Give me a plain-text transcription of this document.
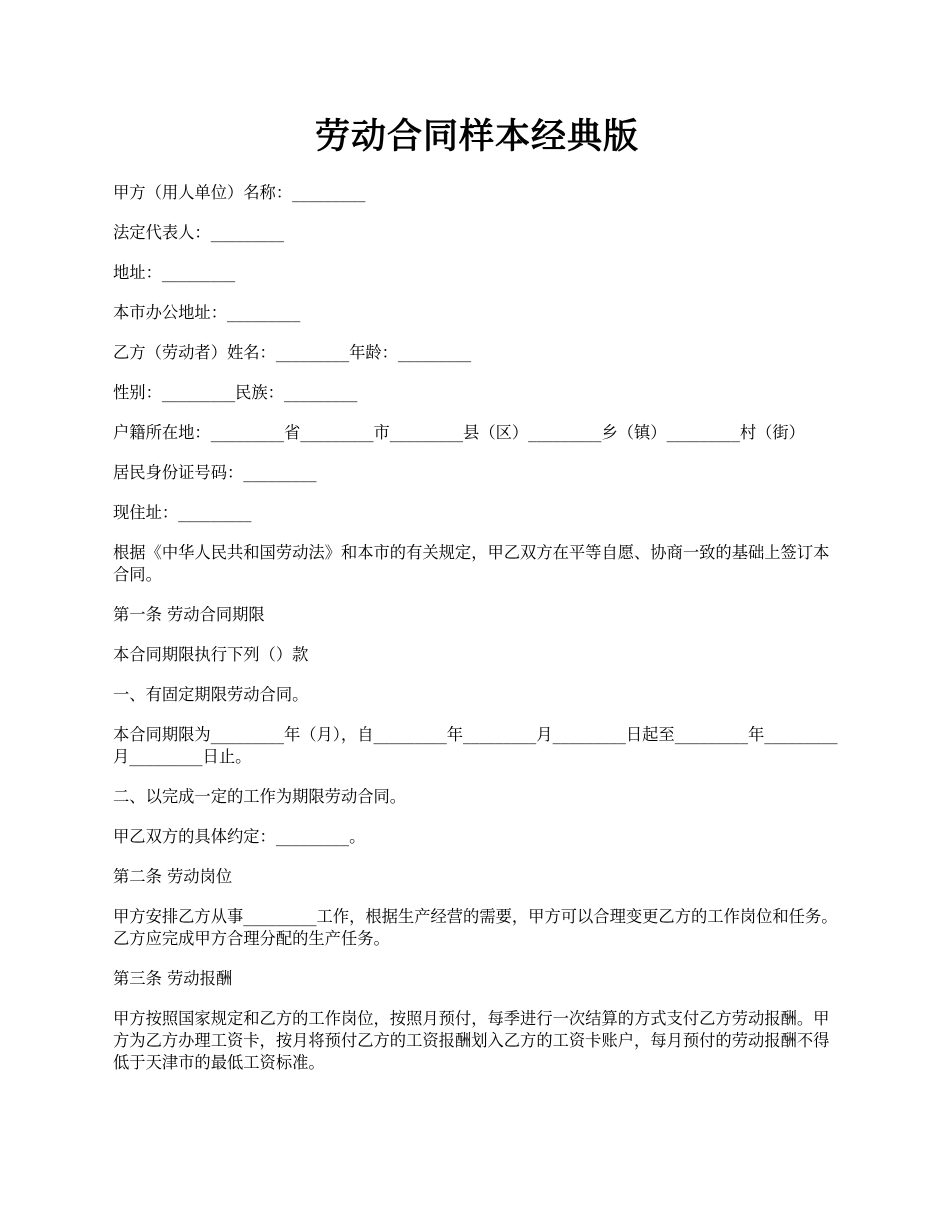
劳动合同样本经典版

甲方（用人单位）名称：_________

法定代表人：_________

地址：_________

本市办公地址：_________

乙方（劳动者）姓名：_________年龄：_________

性别：_________民族：_________

户籍所在地：_________省_________市_________县（区）_________乡（镇）_________村（街）

居民身份证号码：_________

现住址：_________

根据《中华人民共和国劳动法》和本市的有关规定，甲乙双方在平等自愿、协商一致的基础上签订本合同。

第一条 劳动合同期限

本合同期限执行下列（）款

一、有固定期限劳动合同。

本合同期限为_________年（月），自_________年_________月_________日起至_________年_________月_________日止。

二、以完成一定的工作为期限劳动合同。

甲乙双方的具体约定：_________。

第二条 劳动岗位

甲方安排乙方从事_________工作，根据生产经营的需要，甲方可以合理变更乙方的工作岗位和任务。乙方应完成甲方合理分配的生产任务。

第三条 劳动报酬

甲方按照国家规定和乙方的工作岗位，按照月预付，每季进行一次结算的方式支付乙方劳动报酬。甲方为乙方办理工资卡，按月将预付乙方的工资报酬划入乙方的工资卡账户，每月预付的劳动报酬不得低于天津市的最低工资标准。
